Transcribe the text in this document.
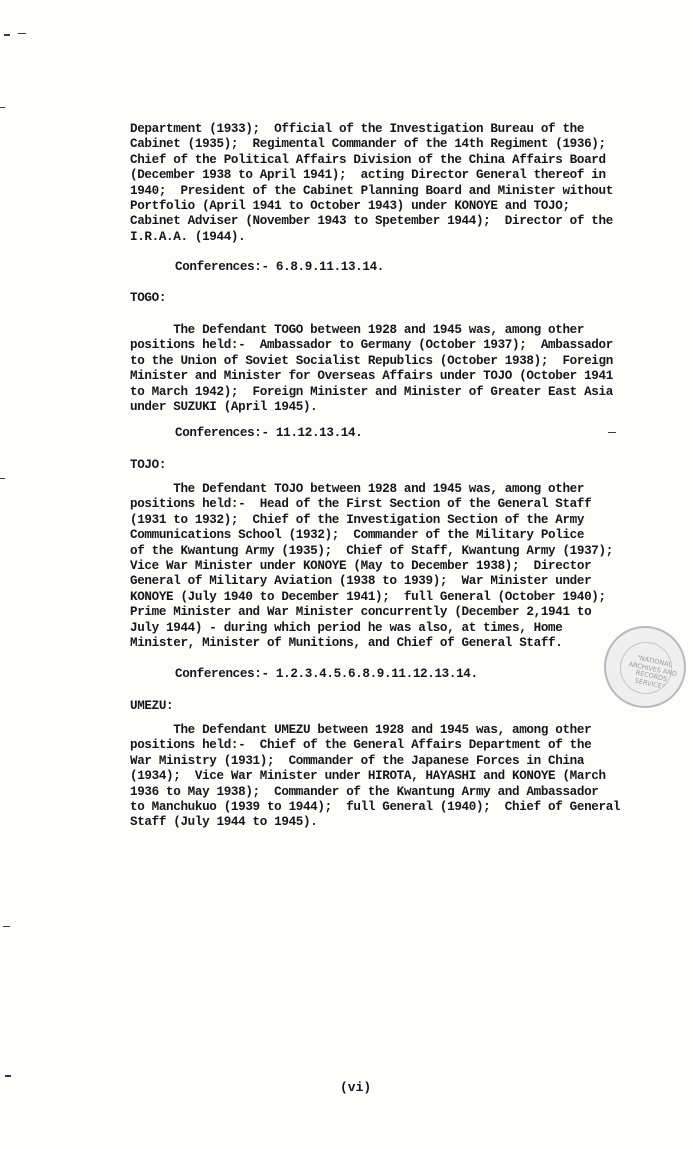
Department (1933);  Official of the Investigation Bureau of the
Cabinet (1935);  Regimental Commander of the 14th Regiment (1936);
Chief of the Political Affairs Division of the China Affairs Board
(December 1938 to April 1941);  acting Director General thereof in
1940;  President of the Cabinet Planning Board and Minister without
Portfolio (April 1941 to October 1943) under KONOYE and TOJO;
Cabinet Adviser (November 1943 to Spetember 1944);  Director of the
I.R.A.A. (1944).
Conferences:- 6.8.9.11.13.14.
TOGO:
The Defendant TOGO between 1928 and 1945 was, among other
positions held:-  Ambassador to Germany (October 1937);  Ambassador
to the Union of Soviet Socialist Republics (October 1938);  Foreign
Minister and Minister for Overseas Affairs under TOJO (October 1941
to March 1942);  Foreign Minister and Minister of Greater East Asia
under SUZUKI (April 1945).
Conferences:- 11.12.13.14.
TOJO:
The Defendant TOJO between 1928 and 1945 was, among other
positions held:-  Head of the First Section of the General Staff
(1931 to 1932);  Chief of the Investigation Section of the Army
Communications School (1932);  Commander of the Military Police
of the Kwantung Army (1935);  Chief of Staff, Kwantung Army (1937);
Vice War Minister under KONOYE (May to December 1938);  Director
General of Military Aviation (1938 to 1939);  War Minister under
KONOYE (July 1940 to December 1941);  full General (October 1940);
Prime Minister and War Minister concurrently (December 2,1941 to
July 1944) - during which period he was also, at times, Home
Minister, Minister of Munitions, and Chief of General Staff.
Conferences:- 1.2.3.4.5.6.8.9.11.12.13.14.
UMEZU:
The Defendant UMEZU between 1928 and 1945 was, among other
positions held:-  Chief of the General Affairs Department of the
War Ministry (1931);  Commander of the Japanese Forces in China
(1934);  Vice War Minister under HIROTA, HAYASHI and KONOYE (March
1936 to May 1938);  Commander of the Kwantung Army and Ambassador
to Manchukuo (1939 to 1944);  full General (1940);  Chief of General
Staff (July 1944 to 1945).
"NATIONAL
ARCHIVES AND
RECORDS
SERVICE"
(vi)
